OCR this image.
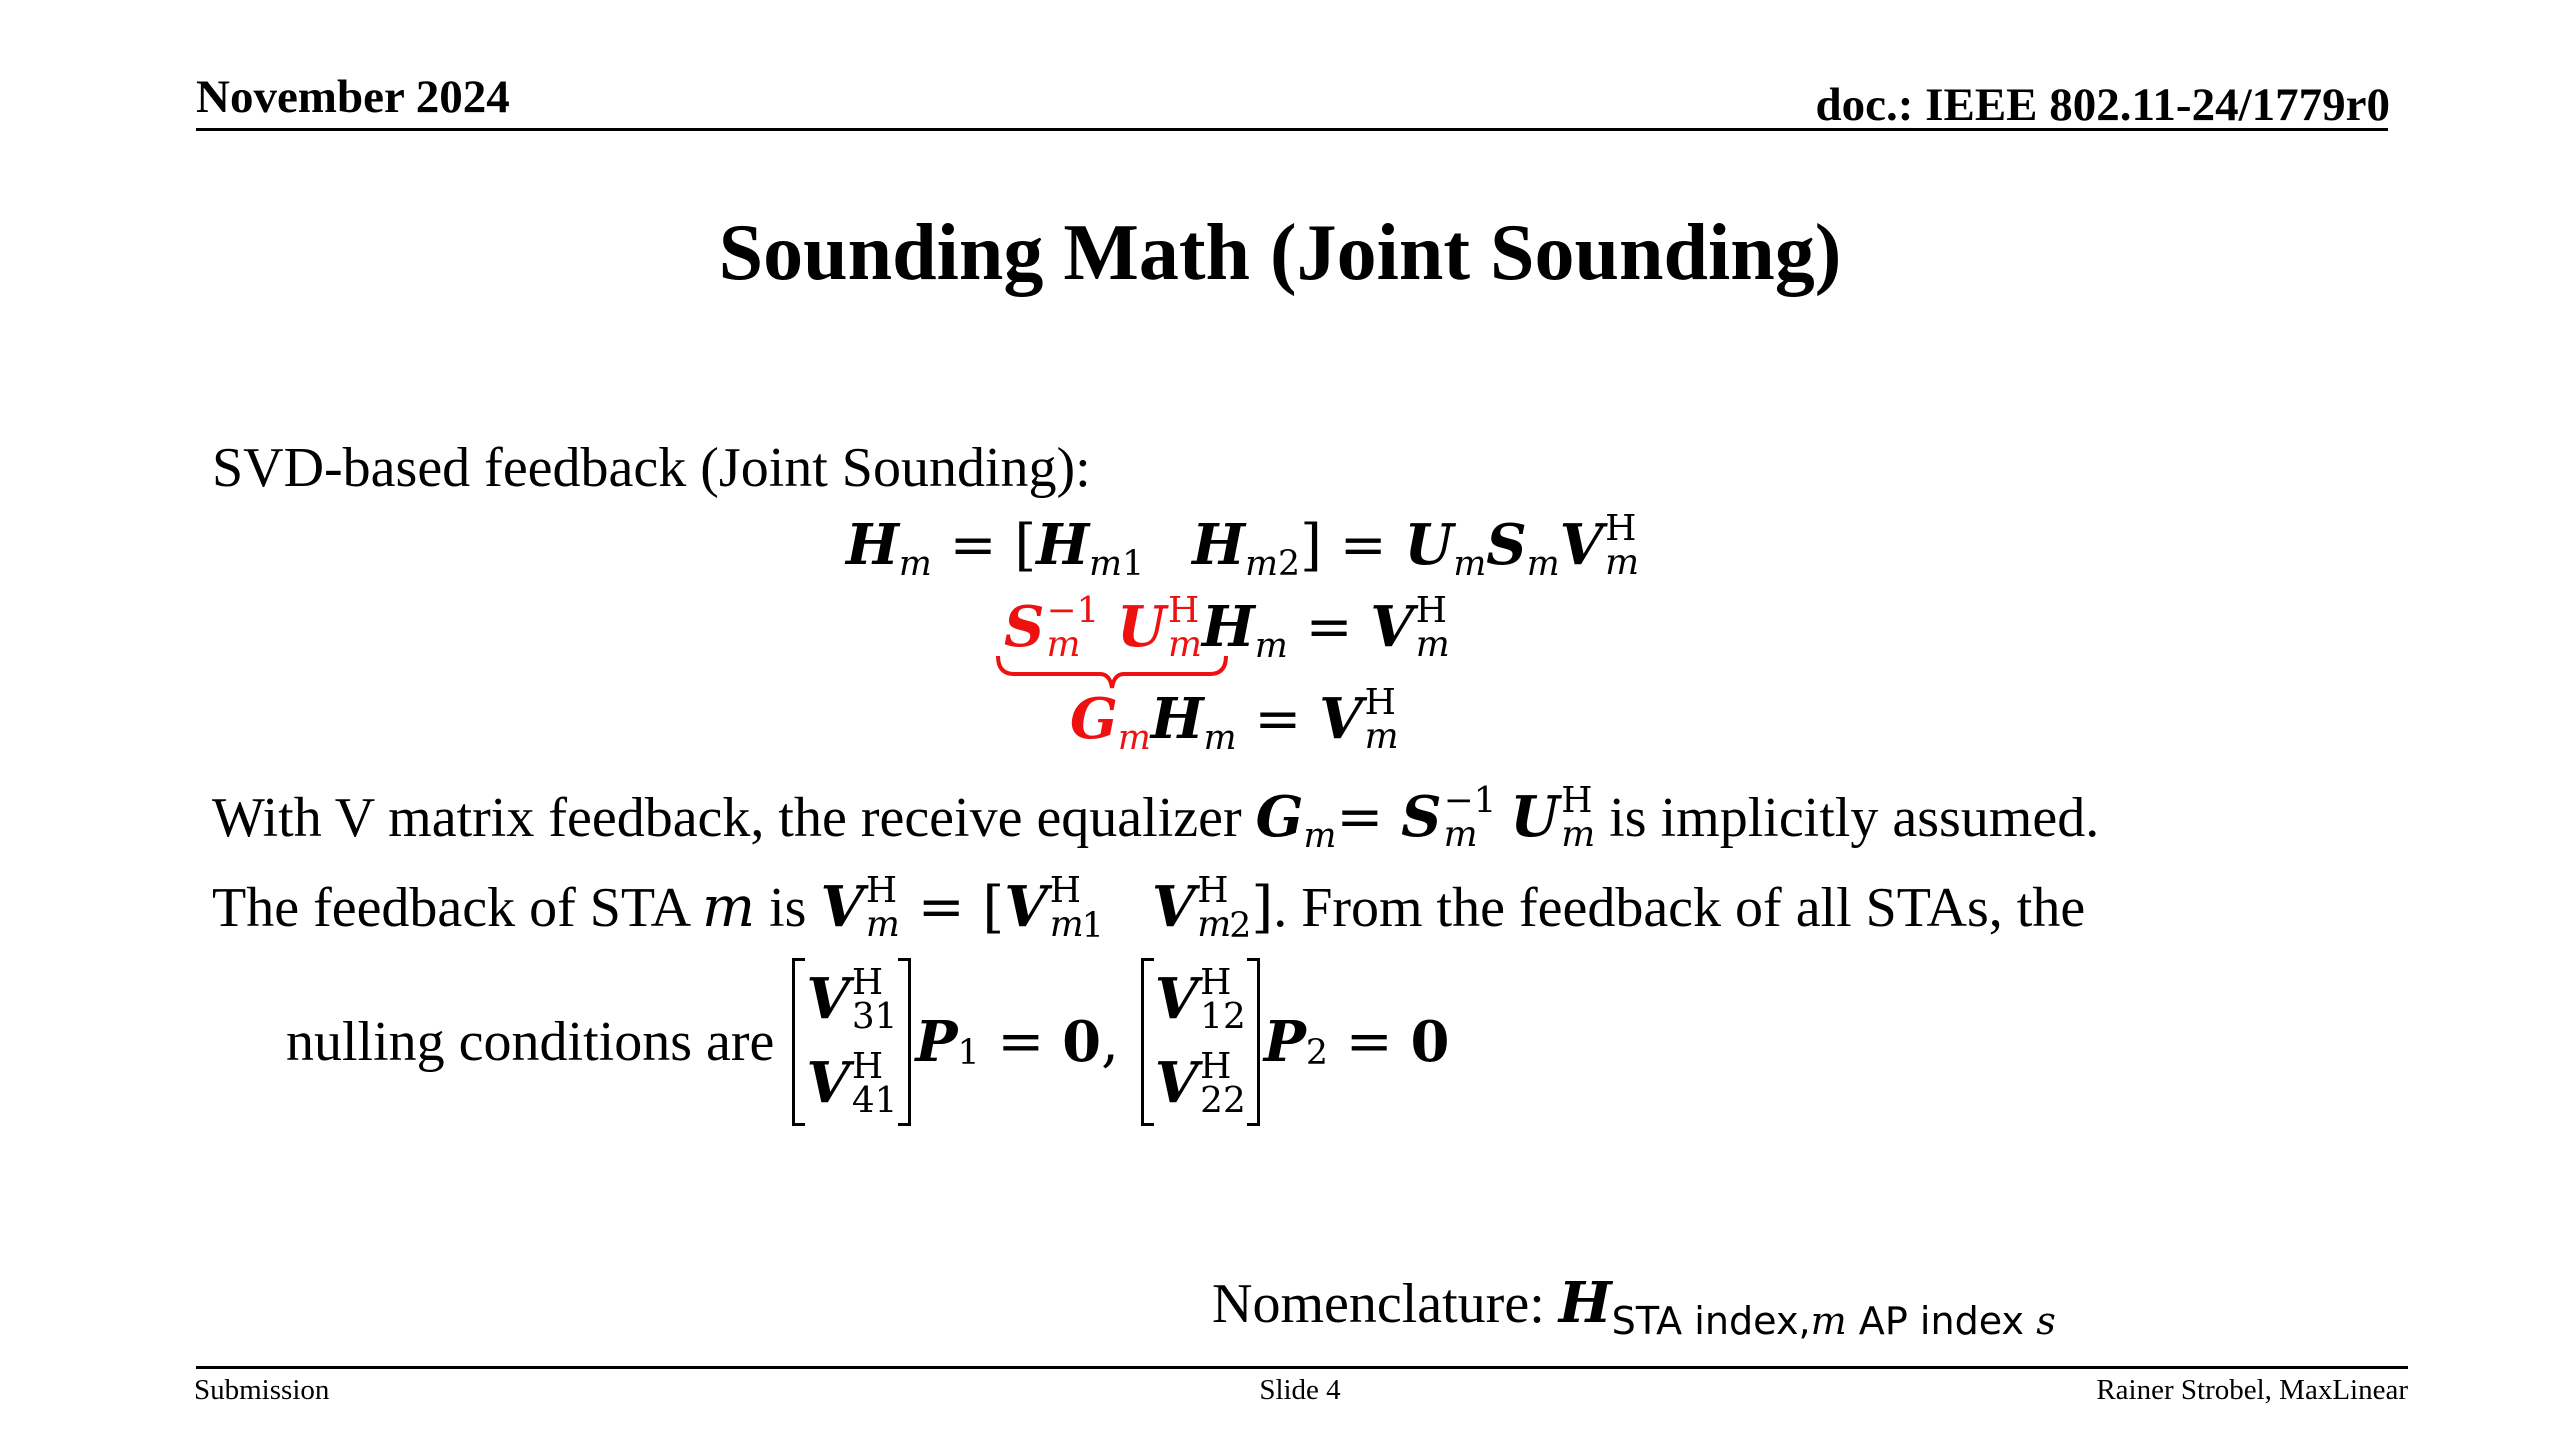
November 2024	doc.: IEEE 802.11-24/1779r0
Sounding Math (Joint Sounding)
SVD-based feedback (Joint Sounding):
Hm = [Hm1 Hm2] = UmSmV H
m
S −1
m U H
m Hm = V H
m
GmHm = V H
m
With V matrix feedback, the receive equalizer Gm= S −1
m U H
m is implicitly assumed.
The feedback of STA m is V H
m = [V H
m
1 V H
m
2]. From the feedback of all STAs, the
nulling conditions are
V H
31
V H
41
P1 = 0,
V H
12
V H
22
P2 = 0
Nomenclature: $H_{STA index,m AP index s}$
Submission	Slide 4	Rainer Strobel, MaxLinear
